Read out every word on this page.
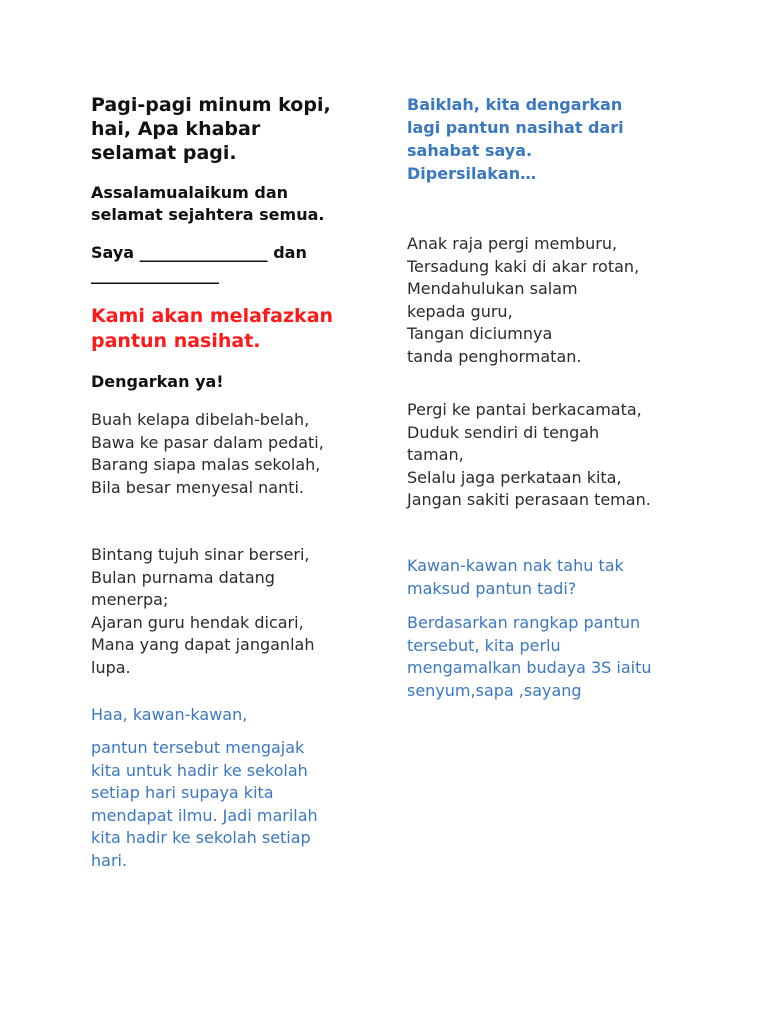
Pagi-pagi minum kopi,
hai, Apa khabar
selamat pagi.
Assalamualaikum dan
selamat sejahtera semua.
Saya ________________ dan
________________
Kami akan melafazkan
pantun nasihat.
Dengarkan ya!
Buah kelapa dibelah-belah,
Bawa ke pasar dalam pedati,
Barang siapa malas sekolah,
Bila besar menyesal nanti.
Bintang tujuh sinar berseri,
Bulan purnama datang
menerpa;
Ajaran guru hendak dicari,
Mana yang dapat janganlah
lupa.
Haa, kawan-kawan,
pantun tersebut mengajak
kita untuk hadir ke sekolah
setiap hari supaya kita
mendapat ilmu. Jadi marilah
kita hadir ke sekolah setiap
hari.
Baiklah, kita dengarkan
lagi pantun nasihat dari
sahabat saya.
Dipersilakan…
Anak raja pergi memburu,
Tersadung kaki di akar rotan,
Mendahulukan salam
kepada guru,
Tangan diciumnya
tanda penghormatan.
Pergi ke pantai berkacamata,
Duduk sendiri di tengah
taman,
Selalu jaga perkataan kita,
Jangan sakiti perasaan teman.
Kawan-kawan nak tahu tak
maksud pantun tadi?
Berdasarkan rangkap pantun
tersebut, kita perlu
mengamalkan budaya 3S iaitu
senyum,sapa ,sayang
